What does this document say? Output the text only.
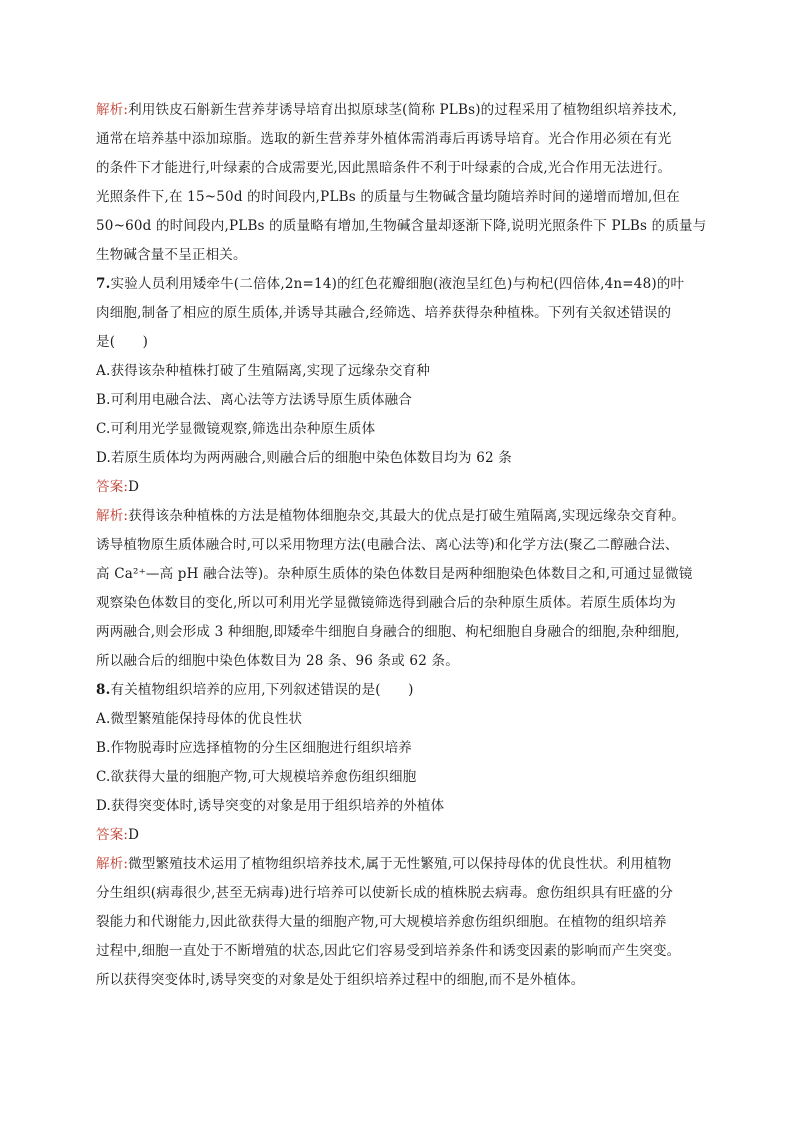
解析:利用铁皮石斛新生营养芽诱导培育出拟原球茎(简称 PLBs)的过程采用了植物组织培养技术,
通常在培养基中添加琼脂。选取的新生营养芽外植体需消毒后再诱导培育。光合作用必须在有光
的条件下才能进行,叶绿素的合成需要光,因此黑暗条件不利于叶绿素的合成,光合作用无法进行。
光照条件下,在 15~50d 的时间段内,PLBs 的质量与生物碱含量均随培养时间的递增而增加,但在
50~60d 的时间段内,PLBs 的质量略有增加,生物碱含量却逐渐下降,说明光照条件下 PLBs 的质量与
生物碱含量不呈正相关。
7.实验人员利用矮牵牛(二倍体,2n=14)的红色花瓣细胞(液泡呈红色)与枸杞(四倍体,4n=48)的叶
肉细胞,制备了相应的原生质体,并诱导其融合,经筛选、培养获得杂种植株。下列有关叙述错误的
是(　　)
A.获得该杂种植株打破了生殖隔离,实现了远缘杂交育种
B.可利用电融合法、离心法等方法诱导原生质体融合
C.可利用光学显微镜观察,筛选出杂种原生质体
D.若原生质体均为两两融合,则融合后的细胞中染色体数目均为 62 条
答案:D
解析:获得该杂种植株的方法是植物体细胞杂交,其最大的优点是打破生殖隔离,实现远缘杂交育种。
诱导植物原生质体融合时,可以采用物理方法(电融合法、离心法等)和化学方法(聚乙二醇融合法、
高 Ca²⁺—高 pH 融合法等)。杂种原生质体的染色体数目是两种细胞染色体数目之和,可通过显微镜
观察染色体数目的变化,所以可利用光学显微镜筛选得到融合后的杂种原生质体。若原生质体均为
两两融合,则会形成 3 种细胞,即矮牵牛细胞自身融合的细胞、枸杞细胞自身融合的细胞,杂种细胞,
所以融合后的细胞中染色体数目为 28 条、96 条或 62 条。
8.有关植物组织培养的应用,下列叙述错误的是(　　)
A.微型繁殖能保持母体的优良性状
B.作物脱毒时应选择植物的分生区细胞进行组织培养
C.欲获得大量的细胞产物,可大规模培养愈伤组织细胞
D.获得突变体时,诱导突变的对象是用于组织培养的外植体
答案:D
解析:微型繁殖技术运用了植物组织培养技术,属于无性繁殖,可以保持母体的优良性状。利用植物
分生组织(病毒很少,甚至无病毒)进行培养可以使新长成的植株脱去病毒。愈伤组织具有旺盛的分
裂能力和代谢能力,因此欲获得大量的细胞产物,可大规模培养愈伤组织细胞。在植物的组织培养
过程中,细胞一直处于不断增殖的状态,因此它们容易受到培养条件和诱变因素的影响而产生突变。
所以获得突变体时,诱导突变的对象是处于组织培养过程中的细胞,而不是外植体。
